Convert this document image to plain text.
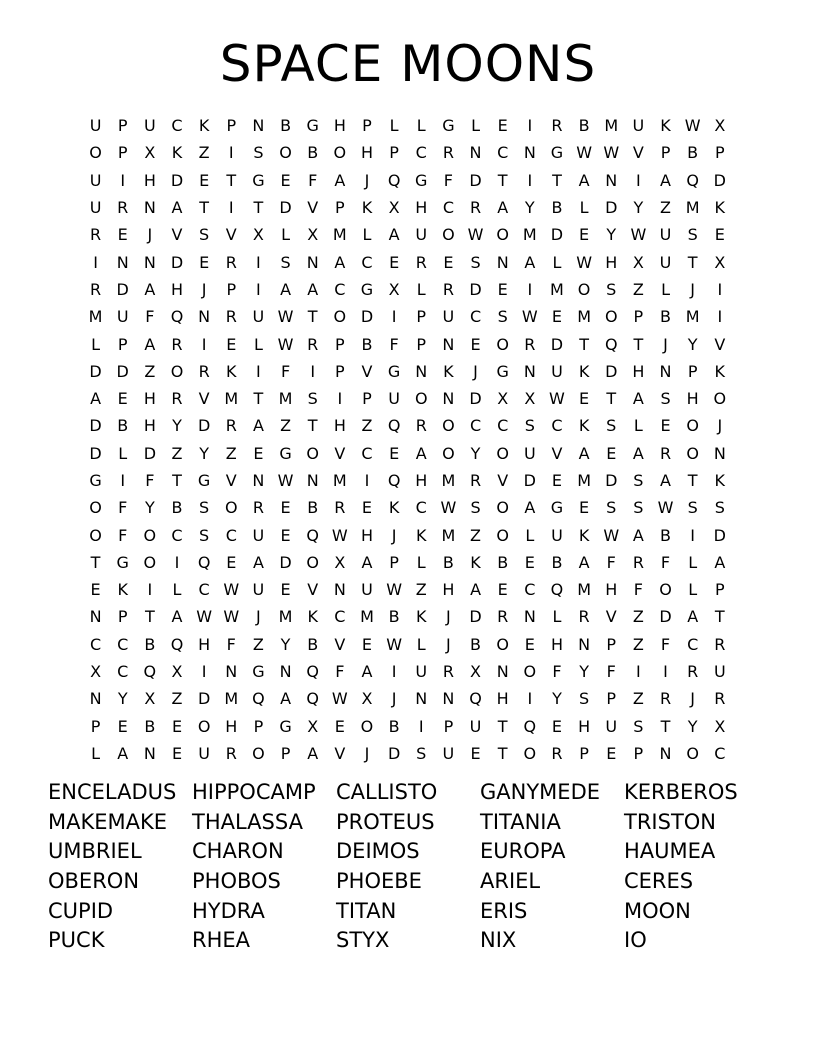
SPACE MOONS
U	P	U C	K	P	N B G H	P	L	L	G	L	E	I	R	B M U	K W X
O	P	X	K	Z	I	S O B O H	P	C R N C N G W W V	P	B	P
U	I	H D E	T	G E	F	A	J	Q G	F	D	T	I	T	A N	I	A Q D
U R N A	T	I	T	D V	P	K	X H C R	A	Y	B	L	D	Y	Z M K
R	E	J	V	S	V	X	L	X M L	A U O W O M D E	Y W U	S	E
I	N N D E	R	I	S	N A	C	E	R	E	S	N A	L W H X U	T	X
R D A H	J	P	I	A	A	C G X	L	R D E	I	M O S	Z	L	J	I
M U	F	Q N R U W T O D	I	P	U C	S W E M O	P	B M	I
L	P	A	R	I	E	L W R	P	B	F	P	N	E O R D	T Q T	J	Y	V
D D Z O R	K	I	F	I	P	V G N K	J	G N U	K D H N	P	K
A	E	H R	V M T M S	I	P	U O N D X	X W E	T	A	S	H O
D B H	Y	D R	A	Z	T	H Z Q R O C C	S	C	K	S	L	E O	J
D	L	D Z	Y	Z	E G O V	C	E	A O Y O U V	A	E	A	R O N
G	I	F	T	G V N W N M	I	Q H M R	V D E M D S	A	T	K
O	F	Y	B	S O R	E	B	R	E	K	C W S O A G E	S	S W S	S
O	F	O C	S	C U	E Q W H	J	K M Z O	L	U	K W A	B	I	D
T	G O	I	Q E	A D O X	A	P	L	B	K	B	E	B	A	F	R	F	L	A
E	K	I	L	C W U	E	V N U W Z H A	E	C Q M H	F	O	L	P
N	P	T	A W W	J	M K	C M B	K	J	D R N	L	R	V	Z D A	T
C C	B Q H	F	Z	Y	B	V	E W L	J	B O E	H N	P	Z	F	C R
X	C Q X	I	N G N Q	F	A	I	U R	X N O	F	Y	F	I	I	R U
N	Y	X	Z D M Q A Q W X	J	N N Q H	I	Y	S	P	Z	R	J	R
P	E	B	E O H	P	G X	E O B	I	P	U	T Q E	H U	S	T	Y	X
L	A N	E	U R O	P	A	V	J	D S	U	E	T O R	P	E	P	N O C
ENCELADUS HIPPOCAMP CALLISTO	GANYMEDE	KERBEROS
MAKEMAKE	THALASSA	PROTEUS	TITANIA	TRISTON
UMBRIEL	CHARON	DEIMOS	EUROPA	HAUMEA
OBERON	PHOBOS	PHOEBE	ARIEL	CERES
CUPID	HYDRA	TITAN	ERIS	MOON
PUCK	RHEA	STYX	NIX	IO
